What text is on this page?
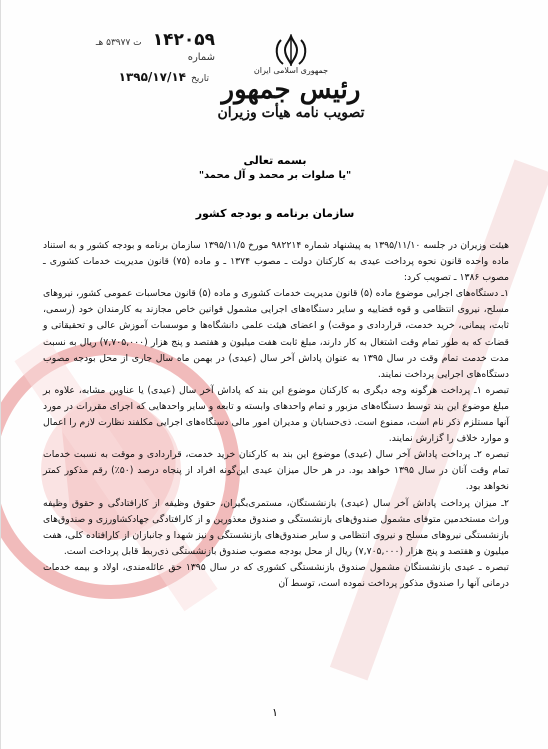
۱۴۲۰۵۹ ت ۵۳۹۷۷ هـ
شماره
تاریخ ۱۳۹۵/۱۷/۱۴	جمهوری اسلامی ایران
رئیس جمهور
تصویب نامه هیأت وزیران
بسمه تعالی
"یا صلوات بر محمد و آل محمد"
سازمان برنامه و بودجه کشور

هیئت وزیران در جلسه ۱۳۹۵/۱۱/۱۰ به پیشنهاد شماره ۹۸۲۲۱۴ مورخ ۱۳۹۵/۱۱/۵ سازمان برنامه و بودجه کشور و به استناد ماده واحده قانون نحوه پرداخت عیدی به کارکنان دولت ـ مصوب ۱۳۷۴ ـ و ماده (۷۵) قانون مدیریت خدمات کشوری ـ مصوب ۱۳۸۶ ـ تصویب کرد:

۱ـ دستگاه‌های اجرایی موضوع ماده (۵) قانون مدیریت خدمات کشوری و ماده (۵) قانون محاسبات عمومی کشور، نیروهای مسلح، نیروی انتظامی و قوه قضاییه و سایر دستگاه‌های اجرایی مشمول قوانین خاص مجازند به کارمندان خود (رسمی، ثابت، پیمانی، خرید خدمت، قراردادی و موقت) و اعضای هیئت علمی دانشگاه‌ها و موسسات آموزش عالی و تحقیقاتی و قضات که به طور تمام وقت اشتغال به کار دارند، مبلغ ثابت هفت میلیون و هفتصد و پنج هزار (۷,۷۰۵,۰۰۰) ریال به نسبت مدت خدمت تمام وقت در سال ۱۳۹۵ به عنوان پاداش آخر سال (عیدی) در بهمن ماه سال جاری از محل بودجه مصوب دستگاه‌های اجرایی پرداخت نمایند.

تبصره ۱ـ پرداخت هرگونه وجه دیگری به کارکنان موضوع این بند که پاداش آخر سال (عیدی) یا عناوین مشابه، علاوه بر مبلغ موضوع این بند توسط دستگاه‌های مزبور و تمام واحدهای وابسته و تابعه و سایر واحدهایی که اجرای مقررات در مورد آنها مستلزم ذکر نام است، ممنوع است. ذی‌حسابان و مدیران امور مالی دستگاه‌های اجرایی مکلفند نظارت لازم را اعمال و موارد خلاف را گزارش نمایند.

تبصره ۲ـ پرداخت پاداش آخر سال (عیدی) موضوع این بند به کارکنان خرید خدمت، قراردادی و موقت به نسبت خدمات تمام وقت آنان در سال ۱۳۹۵ خواهد بود. در هر حال میزان عیدی این‌گونه افراد از پنجاه درصد (۵۰٪) رقم مذکور کمتر نخواهد بود.

۲ـ میزان پرداخت پاداش آخر سال (عیدی) بازنشستگان، مستمری‌بگیران، حقوق وظیفه از کارافتادگی و حقوق وظیفه وراث مستخدمین متوفای مشمول صندوق‌های بازنشستگی و صندوق معذورین و از کارافتادگی جهادکشاورزی و صندوق‌های بازنشستگی نیروهای مسلح و نیروی انتظامی و سایر صندوق‌های بازنشستگی و نیز شهدا و جانبازان از کارافتاده کلی، هفت میلیون و هفتصد و پنج هزار (۷,۷۰۵,۰۰۰) ریال از محل بودجه مصوب صندوق بازنشستگی ذی‌ربط قابل پرداخت است.

تبصره ـ عیدی بازنشستگان مشمول صندوق بازنشستگی کشوری که در سال ۱۳۹۵ حق عائله‌مندی، اولاد و بیمه خدمات درمانی آنها را صندوق مذکور پرداخت نموده است، توسط آن

۱
